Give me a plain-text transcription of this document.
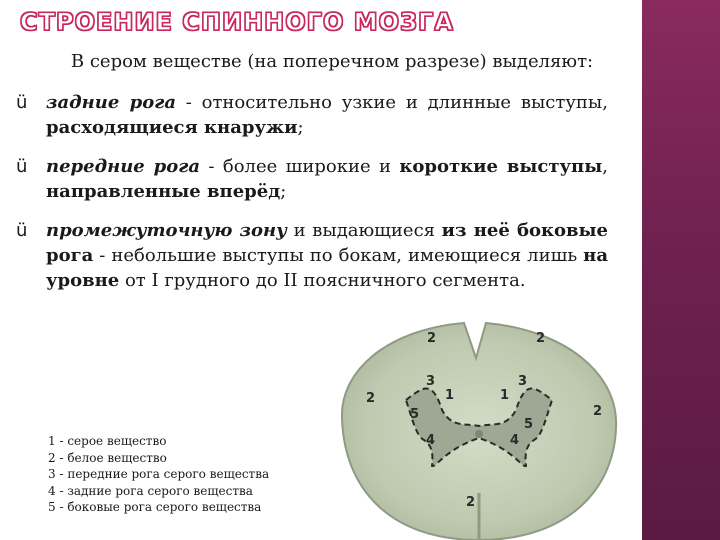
СТРОЕНИЕ СПИННОГО МОЗГА

В сером веществе (на поперечном разрезе) выделяют:

ü задние рога - относительно узкие и длинные выступы, расходящиеся кнаружи;
ü передние рога - более широкие и короткие выступы, направленные вперёд;
ü промежуточную зону и выдающиеся из неё боковые рога - небольшие выступы по бокам, имеющиеся лишь на уровне от I грудного до II поясничного сегмента.
2	2
3	3
2	1	1
2
5
5
4	4
2
1 - серое вещество
2 - белое вещество
3 - передние рога серого вещества
4 - задние рога серого вещества
5 - боковые рога серого вещества
